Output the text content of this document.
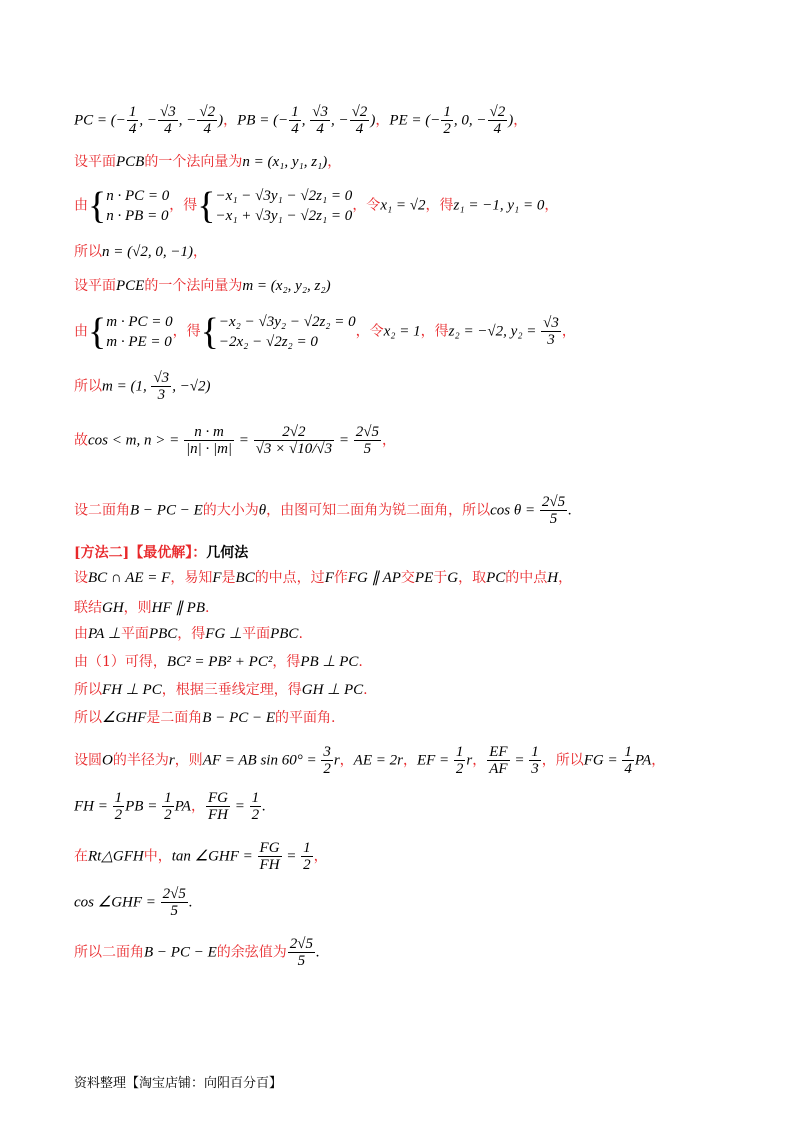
PC = (− $\frac{1}{4}$ , − $\frac{√3}{4}$ , − $\frac{√2}{4}$ )，PB = (− $\frac{1}{4}$ , $\frac{√3}{4}$ , − $\frac{√2}{4}$ )，PE = (− $\frac{1}{2}$ , 0, − $\frac{√2}{4}$ )，
设平面PCB的一个法向量为n = (x₁, y₁, z₁)，
由{ n · PC = 0
n · PB = 0
，得{ −x₁ − √3y₁ − √2z₁ = 0
−x₁ + √3y₁ − √2z₁ = 0
，令x₁ = √2，得z₁ = −1, y₁ = 0，
所以n = (√2, 0, −1)，
设平面PCE的一个法向量为m = (x₂, y₂, z₂)
由{ m · PC = 0
m · PE = 0
，得{ −x₂ − √3y₂ − √2z₂ = 0
−2x₂ − √2z₂ = 0
，令x₂ = 1，得z₂ = −√2, $y_2 = \frac{√3}{3}$ ，
所以m = (1, $\frac{√3}{3}$ , −√2)
故cos < m, n > = $\frac{n \cdot m}{|n| \cdot |m|} = \frac{2√2}{√3 \times √10/√3} = \frac{2√5}{5}$ ，
设二面角B − PC − E的大小为θ，由图可知二面角为锐二面角，所以$\cos \theta = \frac{2√5}{5}$ .
[方法二]【最优解】：几何法
设BC ∩ AE = F，易知F是BC的中点，过F作FG ∥ AP交PE于G，取PC的中点H，
联结GH，则HF ∥ PB.
由PA ⊥平面PBC，得FG ⊥平面PBC.
由（1）可得，BC² = PB² + PC²，得PB ⊥ PC.
所以FH ⊥ PC，根据三垂线定理，得GH ⊥ PC.
所以∠GHF是二面角B − PC − E的平面角.
设圆O的半径为r，则AF = AB $\sin 60^\circ = \frac{3}{2}$ r，AE = 2r，EF = $\frac{1}{2}$ r， $\frac{EF}{AF} = \frac{1}{3}$ ，所以FG = $\frac{1}{4}$ PA，
FH = $\frac{1}{2}$ PB = $\frac{1}{2}$ PA， $\frac{FG}{FH} = \frac{1}{2}$ .
在Rt△GFH中，tan ∠GHF = $\frac{FG}{FH} = \frac{1}{2}$ ，
cos ∠GHF = $\frac{2√5}{5}$ .
所以二面角B − PC − E的余弦值为 $\frac{2√5}{5}$ .
资料整理【淘宝店铺：向阳百分百】
